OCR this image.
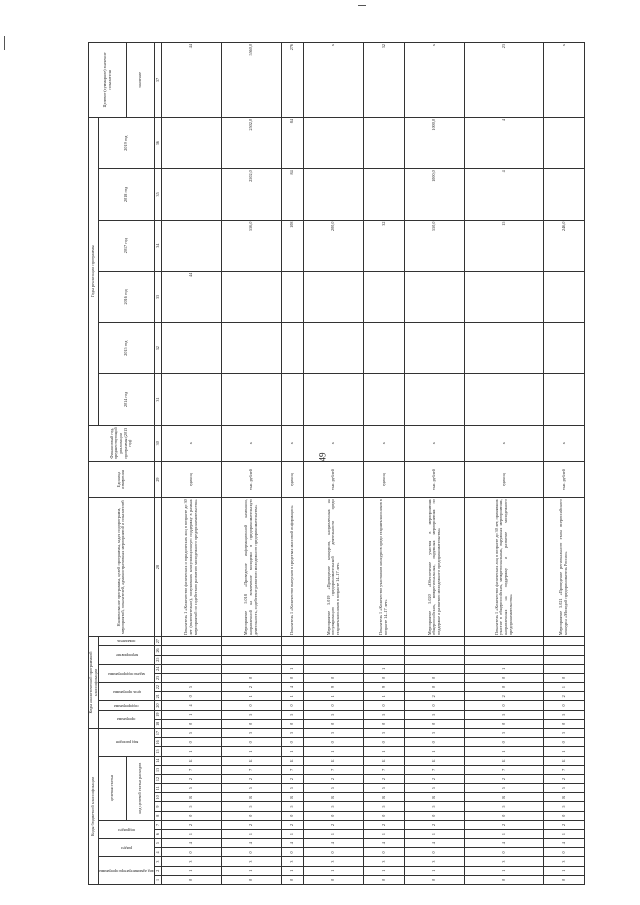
49
Коды бюджетной классификации																	Коды аналитической программной классификации										Наименование программы, целей программы, задач подпрограмм, мероприятий, показателей, административных мероприятий и показателей	Единица измерения	Финансовый год, предшествующий реализации программы (2013 год)	Годы реализации программы						Целевое (суммарное) значение показателя

код администратора программы			раздел		подраздел		целевая статья							вид расходов			программа		подпрограмма	цель программы		задача подпрограммы		мероприятие		показатель				2014 год	2015 год	2016 год	2017 год	2018 год	2019 год	
							код целевой статьи расходов																													значение
1	2	3	4	5	6	7	8	9	10	11	12	13	14	15	16	17	18	19	20	21	22	23	24	25	26	27	28	29	30	31	32	33	34	35	36	37
0	1	3	0	4	1	2	0	5	R	5	2	7	Б	1	0	5	0	1	4	0	5						Показатель 1 «Количество физических и юридических лиц в возрасте до 30 лет (включительно), получивших консультационную поддержку в рамках мероприятий по содействию развитию молодежного предпринимательства»	единиц	x			44				44
0	1	3	0	4	1	2	0	5	R	5	2	7	Б	1	0	3	0	5	0	1	2	0					Мероприятие 5.018 «Проведение информационной кампании, направленной на вовлечение молодежи в предпринимательскую деятельность, содействие развитию молодежного предпринимательства»	тыс. рублей	x				556,0	2502,0	2502,0	5560,0
0	1	3	0	4	1	2	0	5	R	5	2	7	Б	1	0	3	0	5	0	1	4	0	1				Показатель 1 «Количество выпусков в средствах массовой информации»	единиц	x				108	84	84	276
0	1	3	0	4	1	2	0	5	R	5	2	7	Б	1	0	3	0	5	0	1	9	0					Мероприятие 5.019 «Проведение конкурсов, направленных на популяризацию предпринимательской деятельности среди старшеклассников в возрасте 14–17 лет»	тыс. рублей	x				200,0			x
0	1	3	0	4	1	2	0	5	R	5	2	7	Б	1	0	3	0	5	0	1	9	0	1				Показатель 1 «Количество участников конкурсов среди старшеклассников в возрасте 14–17 лет»	единиц	x				32			32
0	1	3	0	4	1	2	0	5	R	5	2	7	Б	1	0	3	0	5	0	2	0	0					Мероприятие 5.020 «Обеспечение участия в мероприятиях общероссийских, межрегиональных, окружных мероприятиях по поддержке и развитию молодежного предпринимательства»	тыс. рублей	x				550,0	1000,0	1000,0	x
0	1	3	0	4	1	2	0	5	R	5	2	7	Б	1	0	3	0	5	0	2	0	0	1				Показатель 1 «Количество физических лиц в возрасте до 30 лет, принявших участие в общероссийских, межрегиональных, окружных мероприятиях, направленных на поддержку и развитие молодежного предпринимательства»	единиц	x				15	4	4	23
0	1	3	0	4	1	2	0	5	R	5	2	7	Б	1	0	3	0	5	0	2	1	0					Мероприятие 5.021 «Проведение регионального этапа всероссийского конкурса «Молодой предприниматель России»	тыс. рублей	x				246,0			x
